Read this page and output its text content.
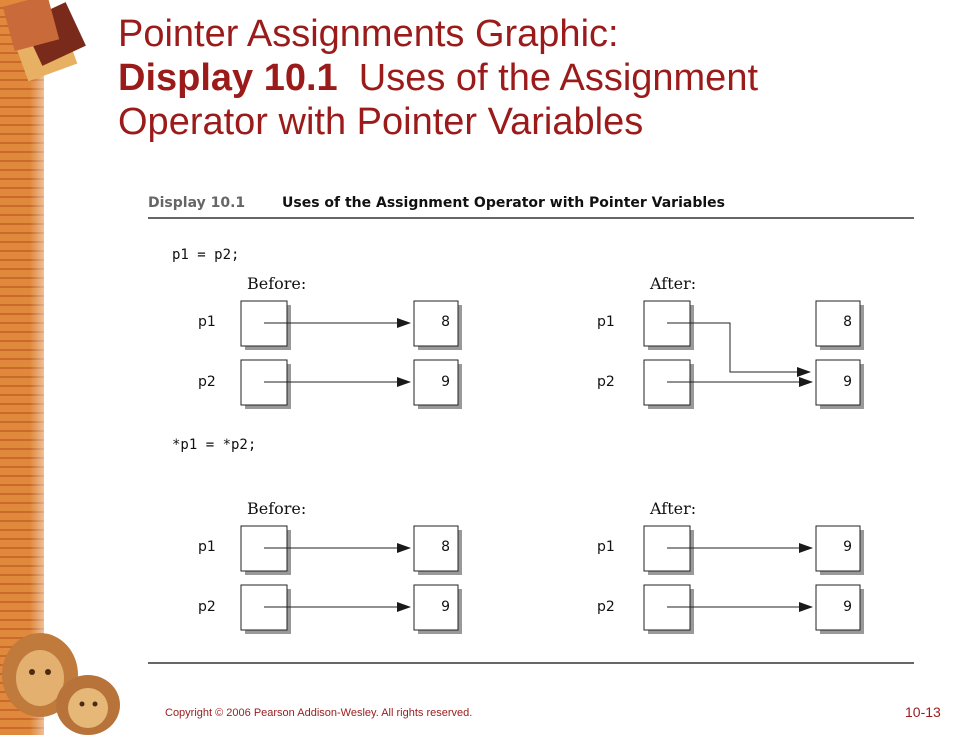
Pointer Assignments Graphic:
Display 10.1  Uses of the Assignment
Operator with Pointer Variables
Display 10.1	Uses of the Assignment Operator with Pointer Variables
p1 = p2;
Before:	After:
p1	8
p2	9
p1	8
p2	9
*p1 = *p2;
Before:	After:
p1	8
p2	9
p1	9
p2	9
Copyright © 2006 Pearson Addison-Wesley. All rights reserved.	10-13
